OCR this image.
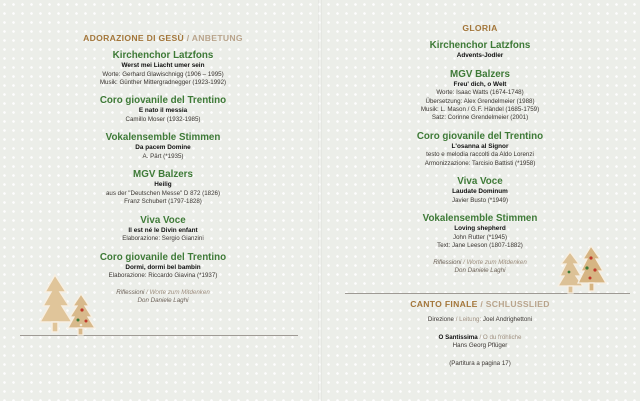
ADORAZIONE DI GESÙ / ANBETUNG
Kirchenchor Latzfons
Werst mei Liacht umer sein
Worte: Gerhard Glawischnigg (1906 – 1995)
Musik: Günther Mittergradnegger (1923-1992)
Coro giovanile del Trentino
E nato il messia
Camillo Moser (1932-1985)
Vokalensemble Stimmen
Da pacem Domine
A. Pärt (*1935)
MGV Balzers
Heilig
aus der "Deutschen Messe" D 872 (1826)
Franz Schubert (1797-1828)
Viva Voce
Il est né le Divin enfant
Elaborazione: Sergio Gianzini
Coro giovanile del Trentino
Dormi, dormi bel bambin
Elaborazione: Riccardo Giavina (*1937)
Riflessioni / Worte zum Mitdenken
Don Daniele Laghi
GLORIA
Kirchenchor Latzfons
Advents-Jodler
MGV Balzers
Freu' dich, o Welt
Worte: Isaac Watts (1674-1748)
Übersetzung: Alex Grendelmeier (1988)
Musik: L. Mason / G.F. Händel (1685-1759)
Satz: Corinne Grendelmeier (2001)
Coro giovanile del Trentino
L'osanna al Signor
testo e melodia raccolti da Aldo Lorenzi
Armonizzazione: Tarcisio Battisti (*1958)
Viva Voce
Laudate Dominum
Javier Busto (*1949)
Vokalensemble Stimmen
Loving shepherd
John Rutter (*1945)
Text: Jane Leeson (1807-1882)
Riflessioni / Worte zum Mitdenken
Don Daniele Laghi
CANTO FINALE / SCHLUSSLIED
Direzione / Leitung: Joel Andrighettoni
O Santissima / O du fröhliche
Hans Georg Pflüger
(Partitura a pagina 17)
